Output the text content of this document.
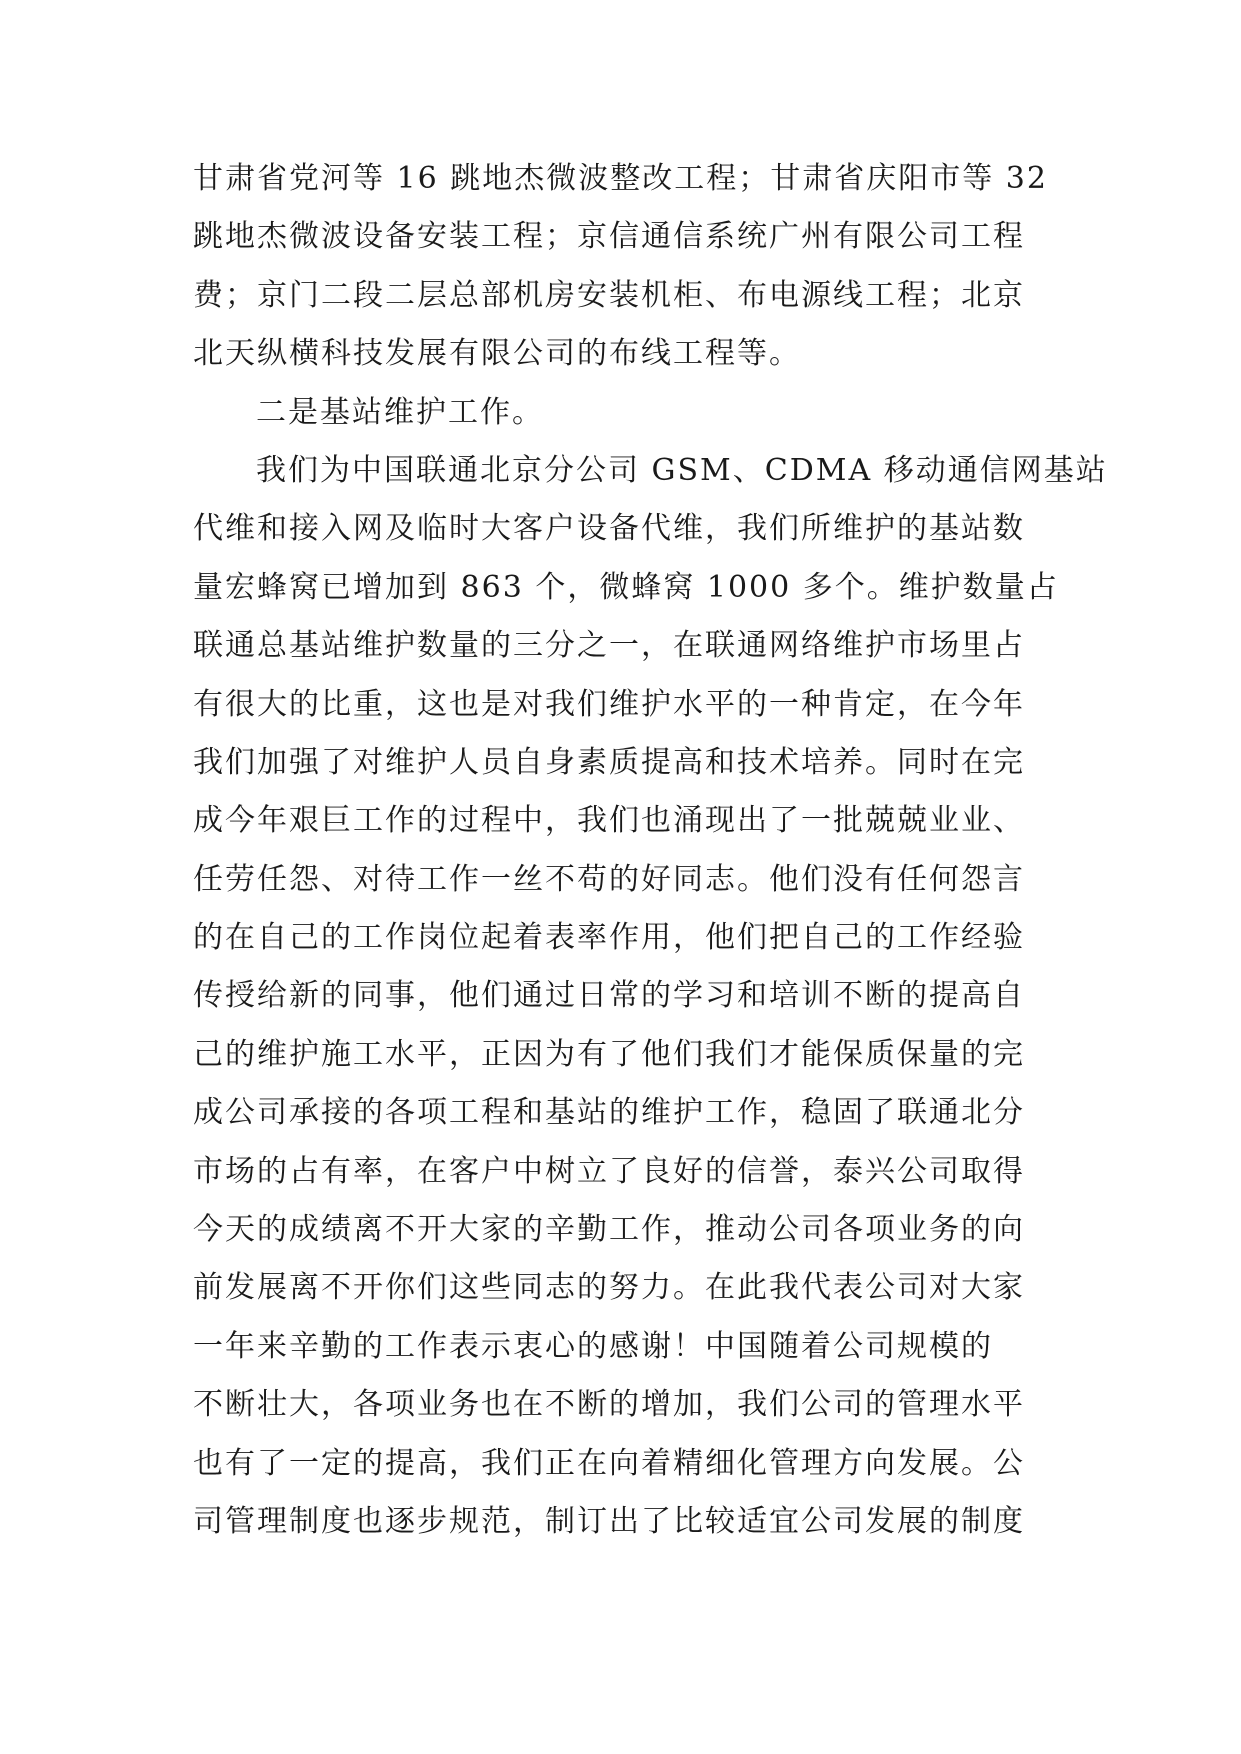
甘肃省党河等 16 跳地杰微波整改工程；甘肃省庆阳市等 32
跳地杰微波设备安装工程；京信通信系统广州有限公司工程
费；京门二段二层总部机房安装机柜、布电源线工程；北京
北天纵横科技发展有限公司的布线工程等。
二是基站维护工作。
我们为中国联通北京分公司 GSM、CDMA 移动通信网基站
代维和接入网及临时大客户设备代维，我们所维护的基站数
量宏蜂窝已增加到 863 个，微蜂窝 1000 多个。维护数量占
联通总基站维护数量的三分之一，在联通网络维护市场里占
有很大的比重，这也是对我们维护水平的一种肯定，在今年
我们加强了对维护人员自身素质提高和技术培养。同时在完
成今年艰巨工作的过程中，我们也涌现出了一批兢兢业业、
任劳任怨、对待工作一丝不苟的好同志。他们没有任何怨言
的在自己的工作岗位起着表率作用，他们把自己的工作经验
传授给新的同事，他们通过日常的学习和培训不断的提高自
己的维护施工水平，正因为有了他们我们才能保质保量的完
成公司承接的各项工程和基站的维护工作，稳固了联通北分
市场的占有率，在客户中树立了良好的信誉，泰兴公司取得
今天的成绩离不开大家的辛勤工作，推动公司各项业务的向
前发展离不开你们这些同志的努力。在此我代表公司对大家
一年来辛勤的工作表示衷心的感谢！中国随着公司规模的
不断壮大，各项业务也在不断的增加，我们公司的管理水平
也有了一定的提高，我们正在向着精细化管理方向发展。公
司管理制度也逐步规范，制订出了比较适宜公司发展的制度
